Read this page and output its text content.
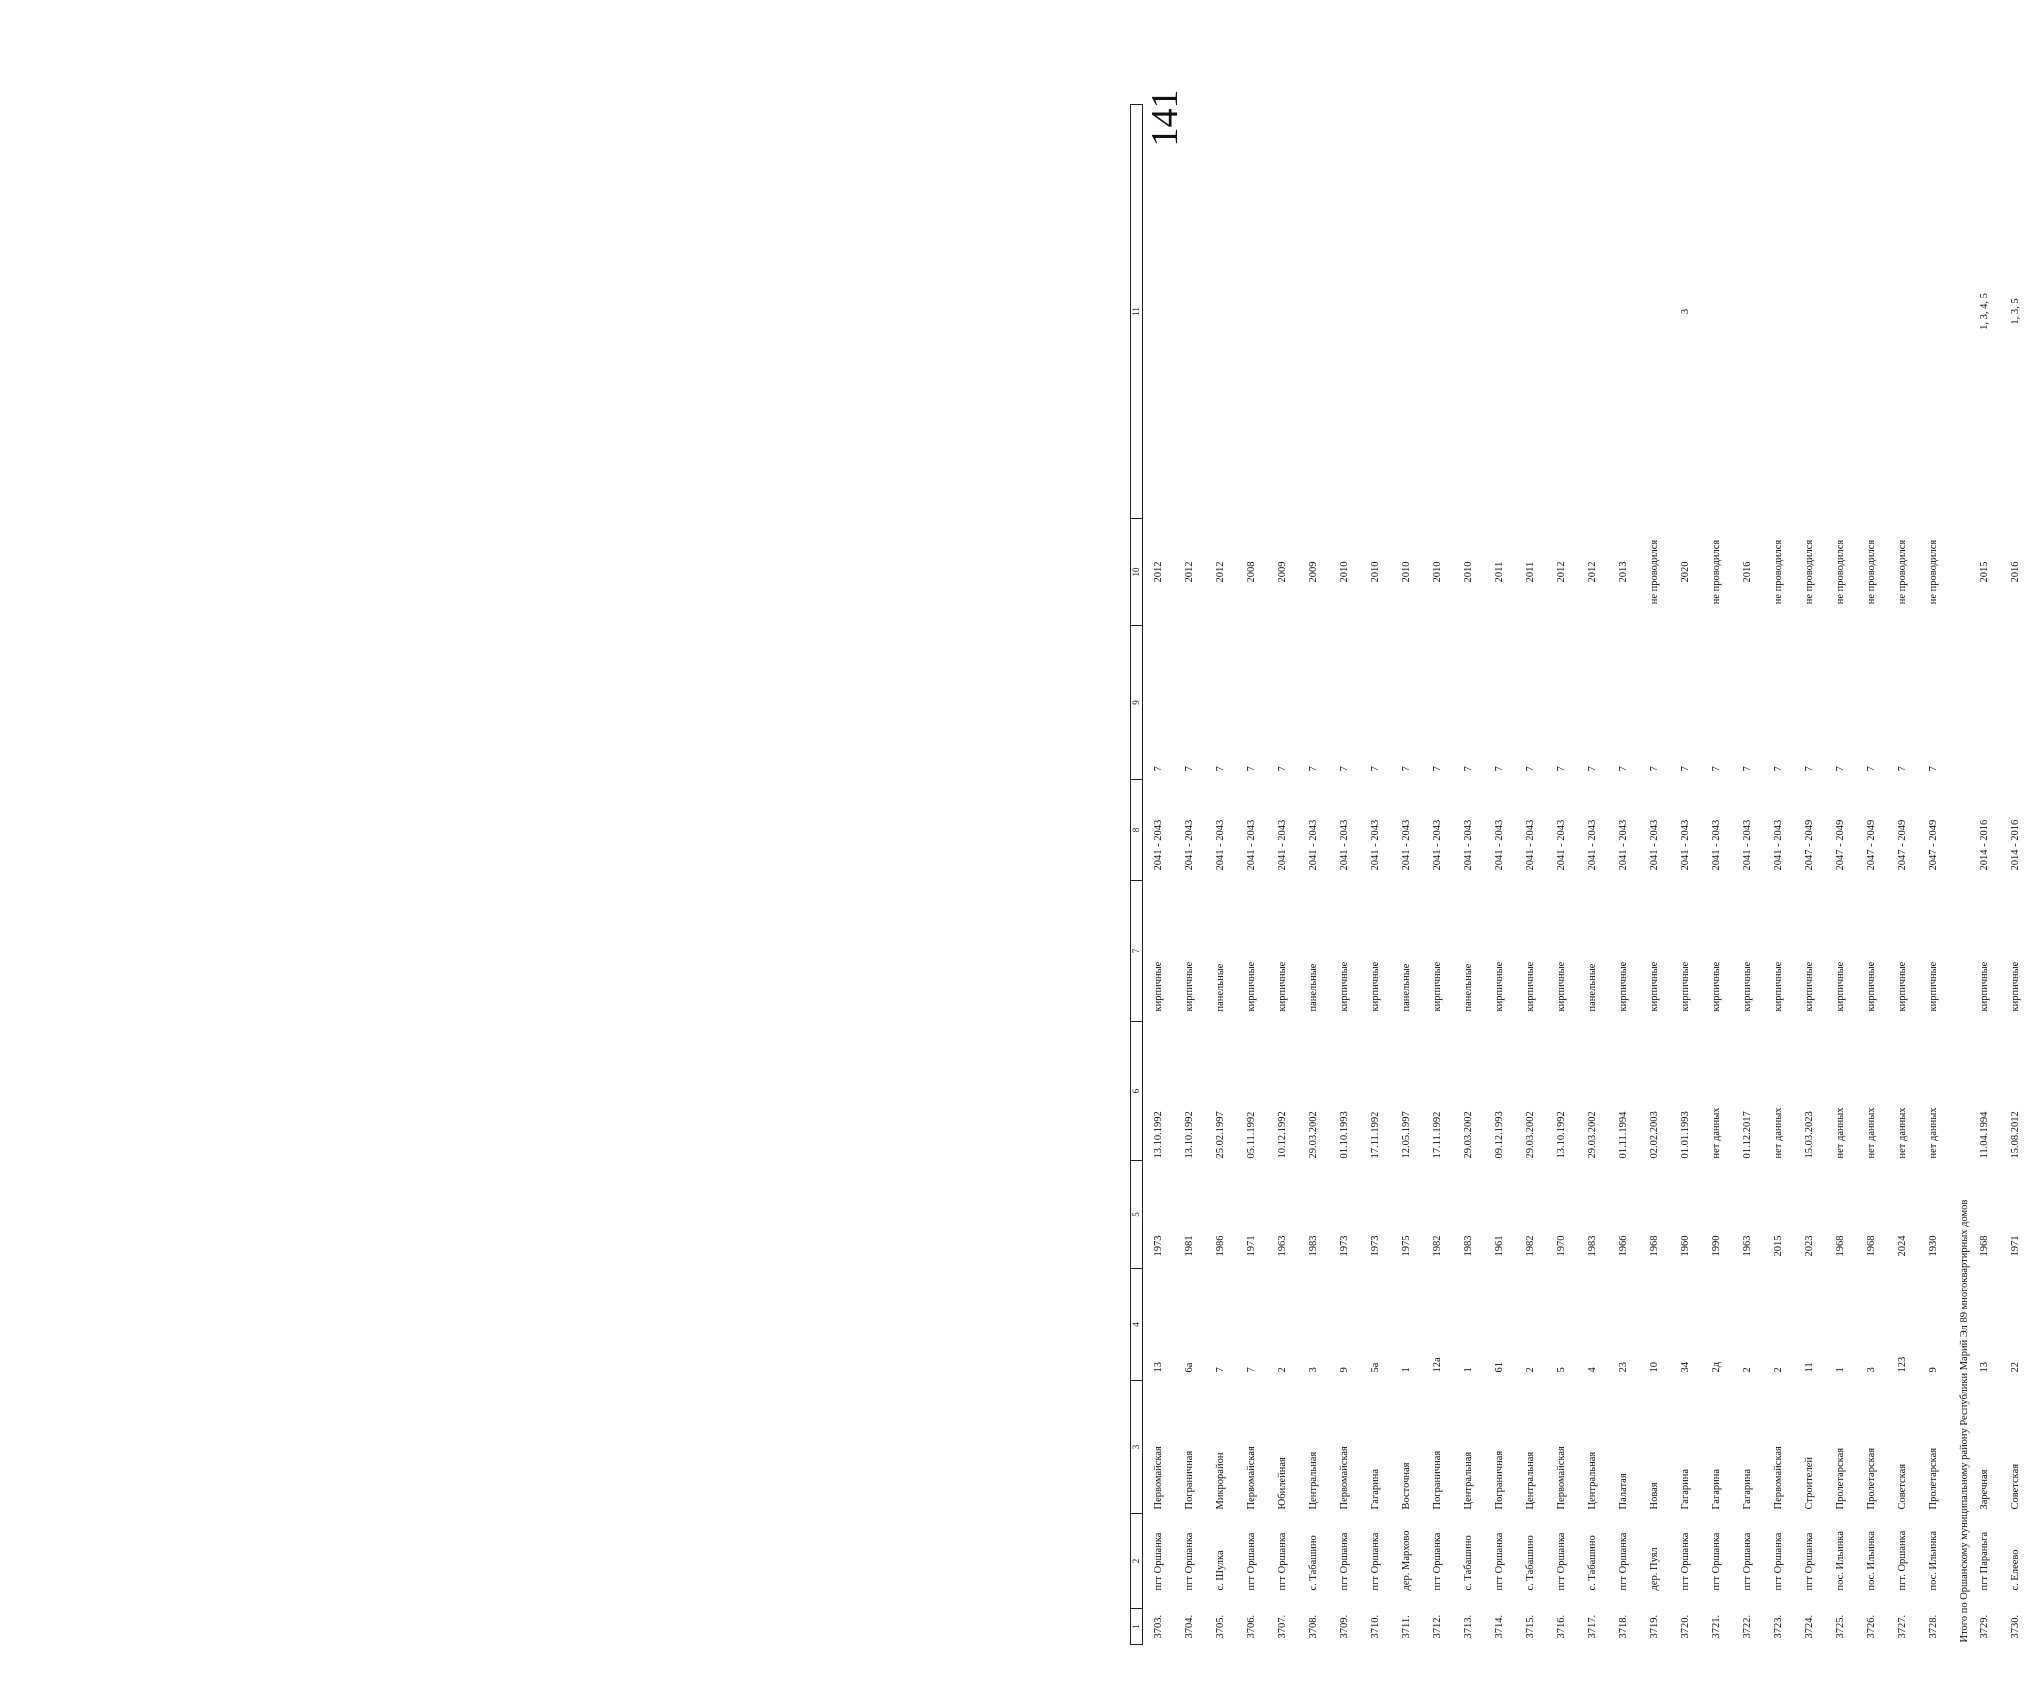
141
1	2	3	4	5	6	7	8	9	10	11
3703.	пгт Оршанка	Первомайская	13	1973	13.10.1992	кирпичные	2041 - 2043	7	2012	
3704.	пгт Оршанка	Пограничная	6а	1981	13.10.1992	кирпичные	2041 - 2043	7	2012	
3705.	с. Шулка	Микрорайон	7	1986	25.02.1997	панельные	2041 - 2043	7	2012	
3706.	пгт Оршанка	Первомайская	7	1971	05.11.1992	кирпичные	2041 - 2043	7	2008	
3707.	пгт Оршанка	Юбилейная	2	1963	10.12.1992	кирпичные	2041 - 2043	7	2009	
3708.	с. Табашино	Центральная	3	1983	29.03.2002	панельные	2041 - 2043	7	2009	
3709.	пгт Оршанка	Первомайская	9	1973	01.10.1993	кирпичные	2041 - 2043	7	2010	
3710.	пгт Оршанка	Гагарина	5а	1973	17.11.1992	кирпичные	2041 - 2043	7	2010	
3711.	дер. Мархово	Восточная	1	1975	12.05.1997	панельные	2041 - 2043	7	2010	
3712.	пгт Оршанка	Пограничная	12а	1982	17.11.1992	кирпичные	2041 - 2043	7	2010	
3713.	с. Табашино	Центральная	1	1983	29.03.2002	панельные	2041 - 2043	7	2010	
3714.	пгт Оршанка	Пограничная	61	1961	09.12.1993	кирпичные	2041 - 2043	7	2011	
3715.	с. Табашино	Центральная	2	1982	29.03.2002	кирпичные	2041 - 2043	7	2011	
3716.	пгт Оршанка	Первомайская	5	1970	13.10.1992	кирпичные	2041 - 2043	7	2012	
3717.	с. Табашино	Центральная	4	1983	29.03.2002	панельные	2041 - 2043	7	2012	
3718.	пгт Оршанка	Палатая	23	1966	01.11.1994	кирпичные	2041 - 2043	7	2013	
3719.	дер. Пуял	Новая	10	1968	02.02.2003	кирпичные	2041 - 2043	7	не проводился	
3720.	пгт Оршанка	Гагарина	34	1960	01.01.1993	кирпичные	2041 - 2043	7	2020	3
3721.	пгт Оршанка	Гагарина	2д	1990	нет данных	кирпичные	2041 - 2043	7	не проводился	
3722.	пгт Оршанка	Гагарина	2	1963	01.12.2017	кирпичные	2041 - 2043	7	2016	
3723.	пгт Оршанка	Первомайская	2	2015	нет данных	кирпичные	2041 - 2043	7	не проводился	
3724.	пгт Оршанка	Строителей	11	2023	15.03.2023	кирпичные	2047 - 2049	7	не проводился	
3725.	пос. Ильинка	Пролетарская	1	1968	нет данных	кирпичные	2047 - 2049	7	не проводился	
3726.	пос. Ильинка	Пролетарская	3	1968	нет данных	кирпичные	2047 - 2049	7	не проводился	
3727.	пгт. Оршанка	Советская	123	2024	нет данных	кирпичные	2047 - 2049	7	не проводился	
3728.	пос. Ильинка	Пролетарская	9	1930	нет данных	кирпичные	2047 - 2049	7	не проводился	
Итого по Оршанскому муниципальному району Республики Марий Эл 89 многоквартирных домов										
3729.	пгт Параньга	Заречная	13	1968	11.04.1994	кирпичные	2014 - 2016		2015	1, 3, 4, 5
3730.	с. Елеево	Советская	22	1971	15.08.2012	кирпичные	2014 - 2016		2016	1, 3, 5
